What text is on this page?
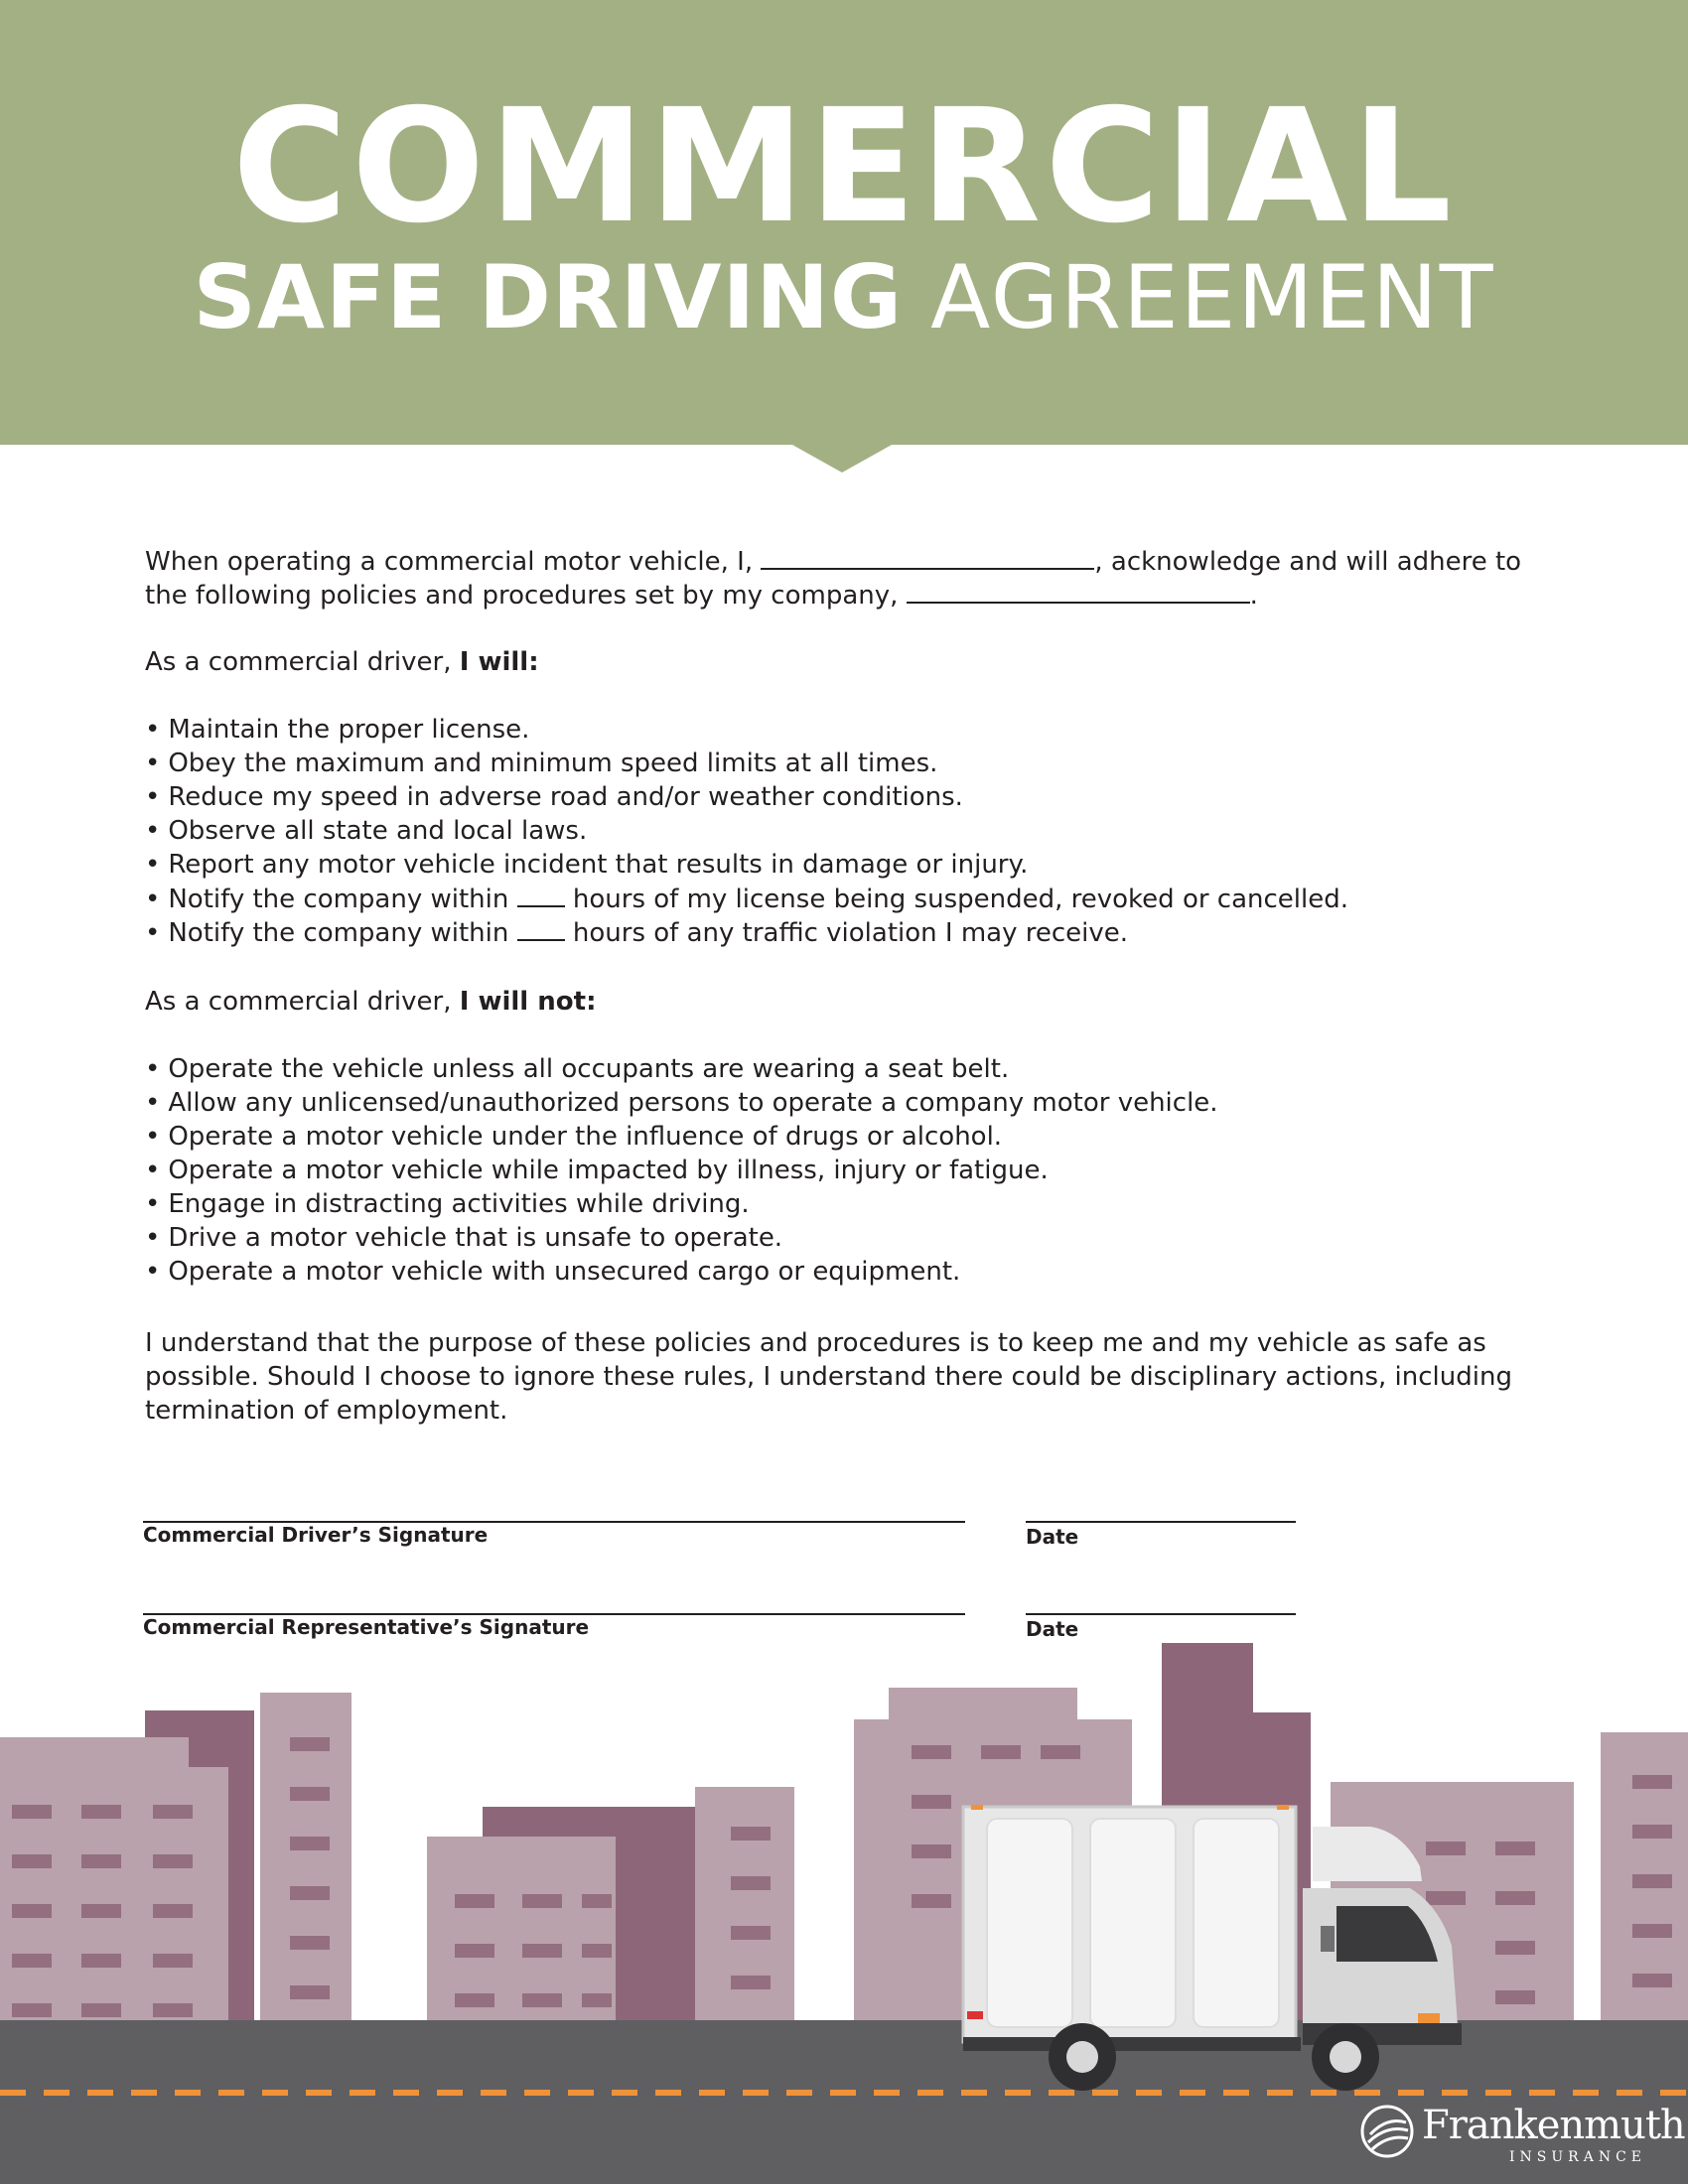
COMMERCIAL
SAFE DRIVING AGREEMENT
When operating a commercial motor vehicle, I,	, acknowledge and will adhere to
the following policies and procedures set by my company,	.
As a commercial driver, I will:
• Maintain the proper license.
• Obey the maximum and minimum speed limits at all times.
• Reduce my speed in adverse road and/or weather conditions.
• Observe all state and local laws.
• Report any motor vehicle incident that results in damage or injury.
• Notify the company within hours of my license being suspended, revoked or cancelled.
• Notify the company within hours of any traffic violation I may receive.
As a commercial driver, I will not:
• Operate the vehicle unless all occupants are wearing a seat belt.
• Allow any unlicensed/unauthorized persons to operate a company motor vehicle.
• Operate a motor vehicle under the influence of drugs or alcohol.
• Operate a motor vehicle while impacted by illness, injury or fatigue.
• Engage in distracting activities while driving.
• Drive a motor vehicle that is unsafe to operate.
• Operate a motor vehicle with unsecured cargo or equipment.
I understand that the purpose of these policies and procedures is to keep me and my vehicle as safe as
possible. Should I choose to ignore these rules, I understand there could be disciplinary actions, including
termination of employment.
Commercial Driver’s Signature	Date
Commercial Representative’s Signature	Date
Frankenmuth
INSURANCE
